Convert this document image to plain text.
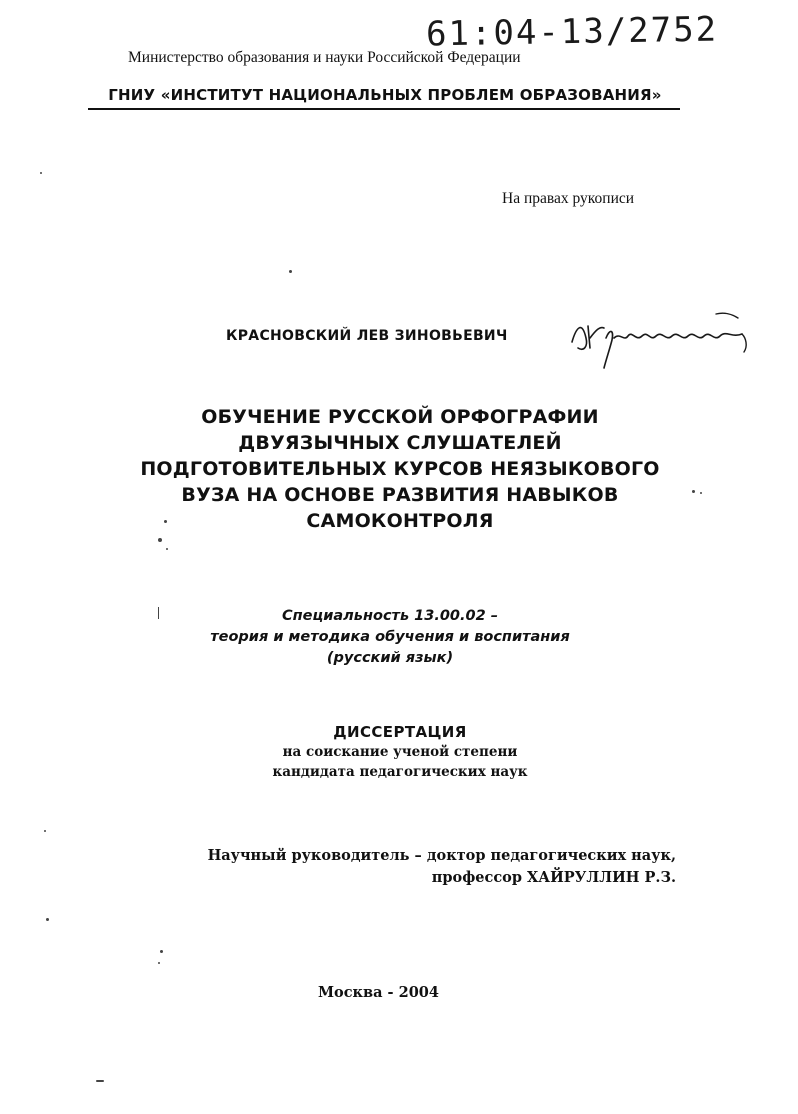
61:04-13/2752
Министерство образования и науки Российской Федерации
ГНИУ «ИНСТИТУТ НАЦИОНАЛЬНЫХ ПРОБЛЕМ ОБРАЗОВАНИЯ»
На правах рукописи
КРАСНОВСКИЙ ЛЕВ ЗИНОВЬЕВИЧ
ОБУЧЕНИЕ РУССКОЙ ОРФОГРАФИИ
ДВУЯЗЫЧНЫХ СЛУШАТЕЛЕЙ
ПОДГОТОВИТЕЛЬНЫХ КУРСОВ НЕЯЗЫКОВОГО
ВУЗА НА ОСНОВЕ РАЗВИТИЯ НАВЫКОВ
САМОКОНТРОЛЯ
Специальность 13.00.02 –
теория и методика обучения и воспитания
(русский язык)
ДИССЕРТАЦИЯ
на соискание ученой степени
кандидата педагогических наук
Научный руководитель – доктор педагогических наук,
профессор ХАЙРУЛЛИН Р.З.
Москва - 2004
